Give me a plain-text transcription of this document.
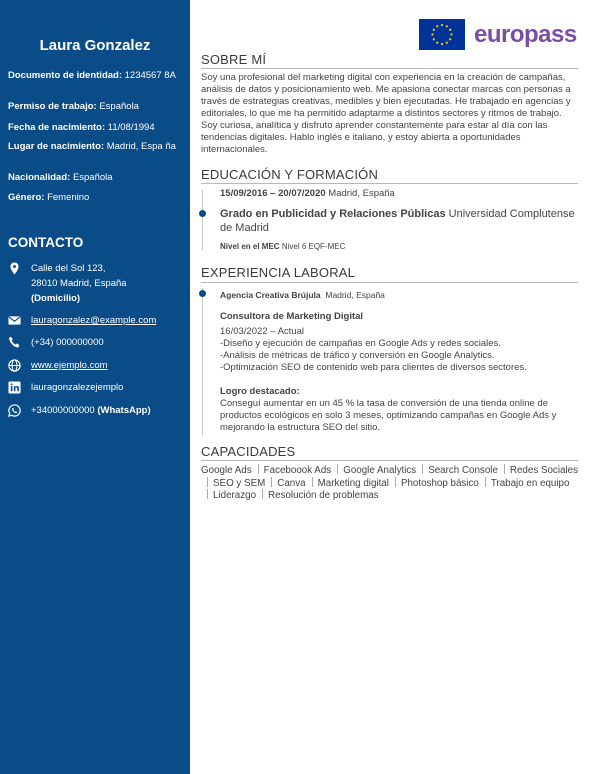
Laura Gonzalez
Documento de identidad: 1234567 8A
Permiso de trabajo: Española
Fecha de nacimiento: 11/08/1994
Lugar de nacimiento: Madrid, Espa ña
Nacionalidad: Española
Género: Femenino
CONTACTO
Calle del Sol 123,
28010 Madrid, España
(Domicilio)
lauragonzalez@example.com
(+34) 000000000
www.ejemplo.com
lauragonzalezejemplo
+34000000000 (WhatsApp)
europass
SOBRE MÍ
Soy una profesional del marketing digital con experiencia en la creación de campañas, análisis de datos y posicionamiento web. Me apasiona conectar marcas con personas a través de estrategias creativas, medibles y bien ejecutadas. He trabajado en agencias y editoriales, lo que me ha permitido adaptarme a distintos sectores y ritmos de trabajo. Soy curiosa, analítica y disfruto aprender constantemente para estar al día con las tendencias digitales. Hablo inglés e italiano, y estoy abierta a oportunidades internacionales.
EDUCACIÓN Y FORMACIÓN
15/09/2016 – 20/07/2020 Madrid, España
Grado en Publicidad y Relaciones Públicas Universidad Complutense de Madrid
Nivel en el MEC Nivel 6 EQF-MEC
EXPERIENCIA LABORAL
Agencia Creativa Brújula Madrid, España
Consultora de Marketing Digital
16/03/2022 – Actual
-Diseño y ejecución de campañas en Google Ads y redes sociales.
-Análisis de métricas de tráfico y conversión en Google Analytics.
-Optimización SEO de contenido web para clientes de diversos sectores.
Logro destacado:
Conseguí aumentar en un 45 % la tasa de conversión de una tienda online de productos ecológicos en solo 3 meses, optimizando campañas en Google Ads y mejorando la estructura SEO del sitio.
CAPACIDADES
Google Ads Faceboook Ads Google Analytics Search Console Redes SocialesSEO y SEM Canva Marketing digital Photoshop básico Trabajo en equipoLiderazgo Resolución de problemas
